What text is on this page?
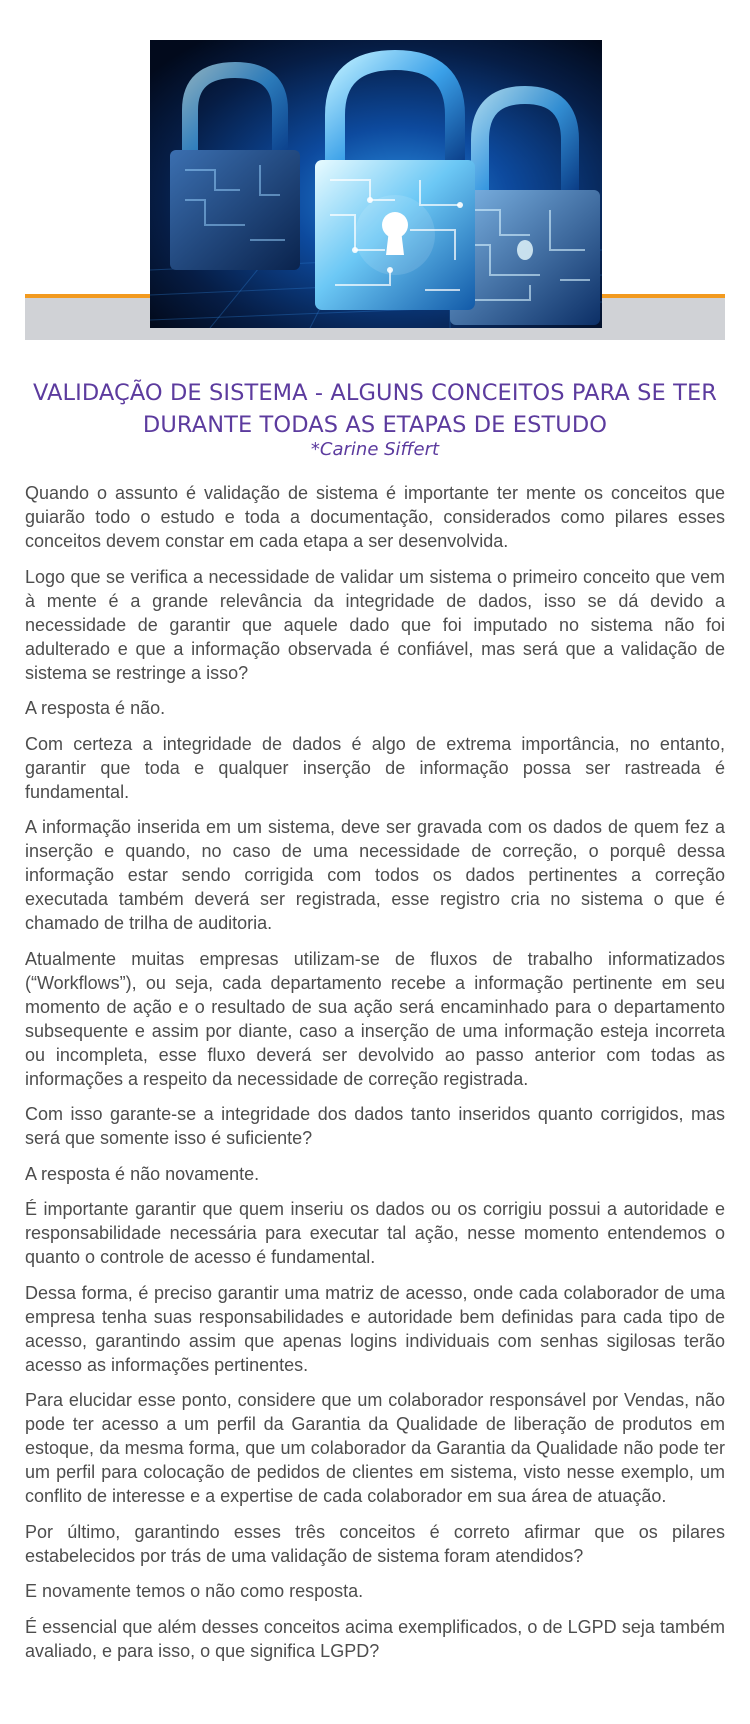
VALIDAÇÃO DE SISTEMA - ALGUNS CONCEITOS PARA SE TER DURANTE TODAS AS ETAPAS DE ESTUDO

*Carine Siffert

Quando o assunto é validação de sistema é importante ter mente os conceitos que guiarão todo o estudo e toda a documentação, considerados como pilares esses conceitos devem constar em cada etapa a ser desenvolvida.

Logo que se verifica a necessidade de validar um sistema o primeiro conceito que vem à mente é a grande relevância da integridade de dados, isso se dá devido a necessidade de garantir que aquele dado que foi imputado no sistema não foi adulterado e que a informação observada é confiável, mas será que a validação de sistema se restringe a isso?

A resposta é não.

Com certeza a integridade de dados é algo de extrema importância, no entanto, garantir que toda e qualquer inserção de informação possa ser rastreada é fundamental.

A informação inserida em um sistema, deve ser gravada com os dados de quem fez a inserção e quando, no caso de uma necessidade de correção, o porquê dessa informação estar sendo corrigida com todos os dados pertinentes a correção executada também deverá ser registrada, esse registro cria no sistema o que é chamado de trilha de auditoria.

Atualmente muitas empresas utilizam-se de fluxos de trabalho informatizados (“Workflows”), ou seja, cada departamento recebe a informação pertinente em seu momento de ação e o resultado de sua ação será encaminhado para o departamento subsequente e assim por diante, caso a inserção de uma informação esteja incorreta ou incompleta, esse fluxo deverá ser devolvido ao passo anterior com todas as informações a respeito da necessidade de correção registrada.

Com isso garante-se a integridade dos dados tanto inseridos quanto corrigidos, mas será que somente isso é suficiente?

A resposta é não novamente.

É importante garantir que quem inseriu os dados ou os corrigiu possui a autoridade e responsabilidade necessária para executar tal ação, nesse momento entendemos o quanto o controle de acesso é fundamental.

Dessa forma, é preciso garantir uma matriz de acesso, onde cada colaborador de uma empresa tenha suas responsabilidades e autoridade bem definidas para cada tipo de acesso, garantindo assim que apenas logins individuais com senhas sigilosas terão acesso as informações pertinentes.

Para elucidar esse ponto, considere que um colaborador responsável por Vendas, não pode ter acesso a um perfil da Garantia da Qualidade de liberação de produtos em estoque, da mesma forma, que um colaborador da Garantia da Qualidade não pode ter um perfil para colocação de pedidos de clientes em sistema, visto nesse exemplo, um conflito de interesse e a expertise de cada colaborador em sua área de atuação.

Por último, garantindo esses três conceitos é correto afirmar que os pilares estabelecidos por trás de uma validação de sistema foram atendidos?

E novamente temos o não como resposta.

É essencial que além desses conceitos acima exemplificados, o de LGPD seja também avaliado, e para isso, o que significa LGPD?
